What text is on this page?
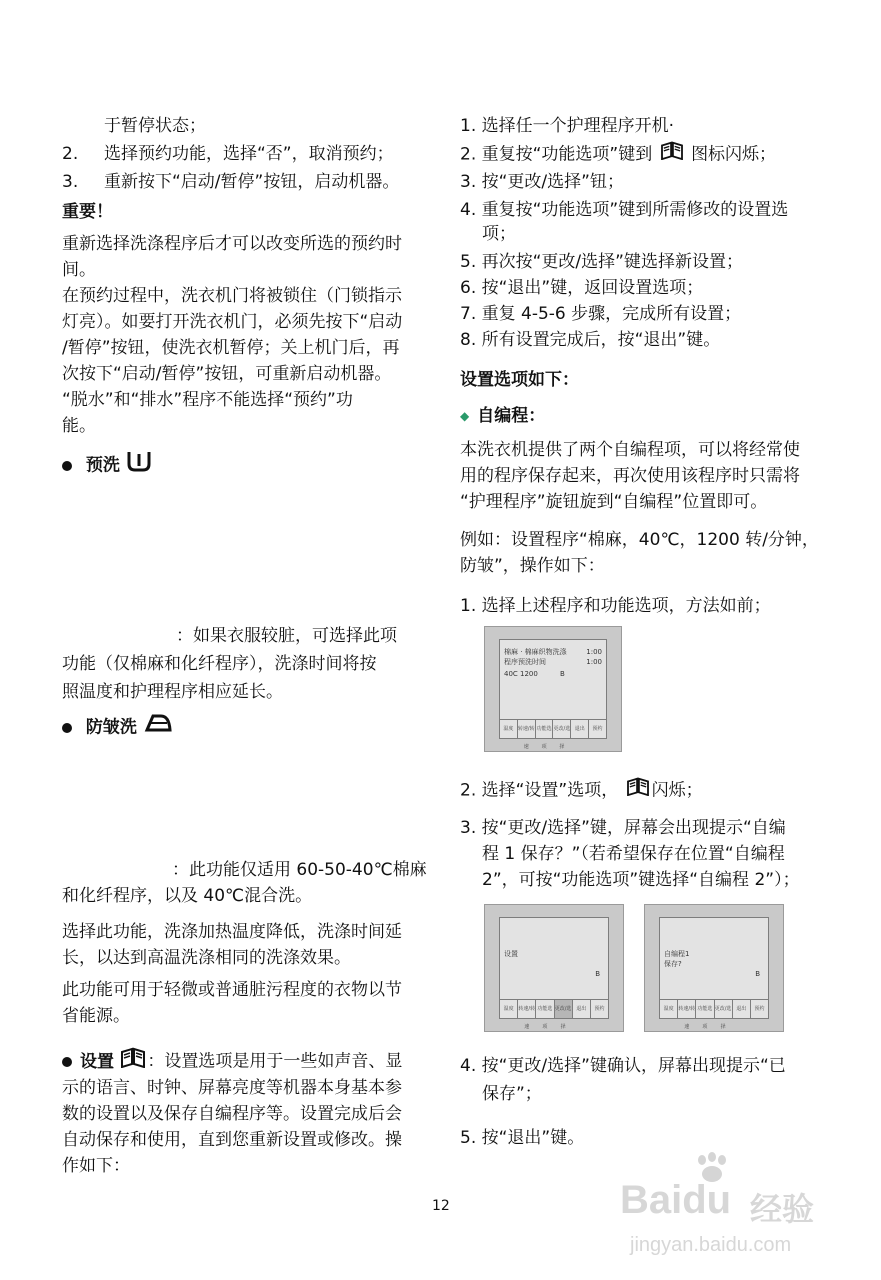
于暂停状态；

2. 选择预约功能，选择“否”，取消预约；

3. 重新按下“启动/暂停”按钮，启动机器。

重要！

重新选择洗涤程序后才可以改变所选的预约时

间。

在预约过程中，洗衣机门将被锁住（门锁指示

灯亮）。如要打开洗衣机门，必须先按下“启动

/暂停”按钮，使洗衣机暂停；关上机门后，再

次按下“启动/暂停”按钮，可重新启动机器。

“脱水”和“排水”程序不能选择“预约”功

能。

预洗

：如果衣服较脏，可选择此项

功能（仅棉麻和化纤程序），洗涤时间将按

照温度和护理程序相应延长。

防皱洗

：此功能仅适用 60-50-40℃棉麻

和化纤程序，以及 40℃混合洗。

选择此功能，洗涤加热温度降低，洗涤时间延

长，以达到高温洗涤相同的洗涤效果。

此功能可用于轻微或普通脏污程度的衣物以节

省能源。

设置 ：设置选项是用于一些如声音、显

示的语言、时钟、屏幕亮度等机器本身基本参

数的设置以及保存自编程序等。设置完成后会

自动保存和使用，直到您重新设置或修改。操

作如下：

1. 选择任一个护理程序开机·

2. 重复按“功能选项”键到 图标闪烁；

3. 按“更改/选择”钮；

4. 重复按“功能选项”键到所需修改的设置选

项；

5. 再次按“更改/选择”键选择新设置；

6. 按“退出”键，返回设置选项；

7. 重复 4-5-6 步骤，完成所有设置；

8. 所有设置完成后，按“退出”键。

设置选项如下：

◆ 自编程：

本洗衣机提供了两个自编程项，可以将经常使

用的程序保存起来，再次使用该程序时只需将

“护理程序”旋钮旋到“自编程”位置即可。

例如：设置程序“棉麻，40℃，1200 转/分钟，

防皱”，操作如下：

1. 选择上述程序和功能选项，方法如前；

棉麻 · 棉麻织物洗涤	1:00
程序预洗时间	1:00
40C 1200	B
温度 转速/转速
功能选项
更改/选择
退出	预约

2. 选择“设置”选项， 闪烁；

3. 按“更改/选择”键，屏幕会出现提示“自编

程 1 保存？”（若希望保存在位置“自编程

2”，可按“功能选项”键选择“自编程 2”）；

设置
B
温度 转速/转速
功能选项
更改/选择
退出	预约
自编程1
保存?
B
温度 转速/转速
功能选项
更改/选择
退出	预约

4. 按“更改/选择”键确认，屏幕出现提示“已

保存”；

5. 按“退出”键。

12	Baidu 经验
jingyan.baidu.com
